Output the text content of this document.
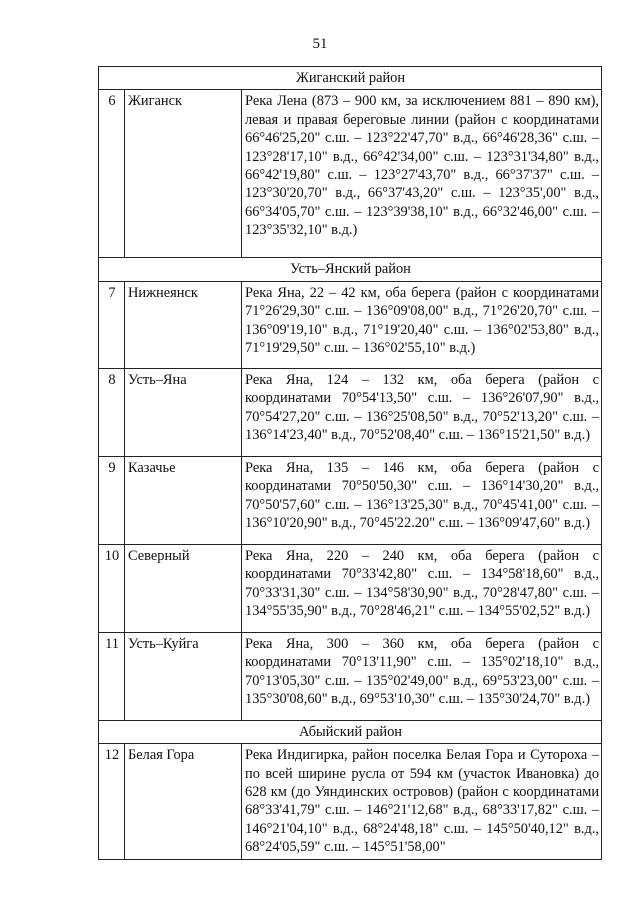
51
Жиганский район		
6	Жиганск	Река Лена (873 – 900 км, за исключением 881 – 890 км), левая и правая береговые линии (район с координатами 66°46'25,20" с.ш. – 123°22'47,70" в.д., 66°46'28,36" с.ш. – 123°28'17,10" в.д., 66°42'34,00" с.ш. – 123°31'34,80" в.д., 66°42'19,80" с.ш. – 123°27'43,70" в.д., 66°37'37" с.ш. – 123°30'20,70" в.д., 66°37'43,20" с.ш. – 123°35',00" в.д., 66°34'05,70" с.ш. – 123°39'38,10" в.д., 66°32'46,00" с.ш. – 123°35'32,10" в.д.)
Усть–Янский район		
7	Нижнеянск	Река Яна, 22 – 42 км, оба берега (район с координатами 71°26'29,30" с.ш. – 136°09'08,00" в.д., 71°26'20,70" с.ш. – 136°09'19,10" в.д., 71°19'20,40" с.ш. – 136°02'53,80" в.д., 71°19'29,50" с.ш. – 136°02'55,10" в.д.)
8	Усть–Яна	Река Яна, 124 – 132 км, оба берега (район с координатами 70°54'13,50" с.ш. – 136°26'07,90" в.д., 70°54'27,20" с.ш. – 136°25'08,50" в.д., 70°52'13,20" с.ш. – 136°14'23,40" в.д., 70°52'08,40" с.ш. – 136°15'21,50" в.д.)
9	Казачье	Река Яна, 135 – 146 км, оба берега (район с координатами 70°50'50,30" с.ш. – 136°14'30,20" в.д., 70°50'57,60" с.ш. – 136°13'25,30" в.д., 70°45'41,00" с.ш. – 136°10'20,90" в.д., 70°45'22.20" с.ш. – 136°09'47,60" в.д.)
10	Северный	Река Яна, 220 – 240 км, оба берега (район с координатами 70°33'42,80" с.ш. – 134°58'18,60" в.д., 70°33'31,30" с.ш. – 134°58'30,90" в.д., 70°28'47,80" с.ш. – 134°55'35,90" в.д., 70°28'46,21" с.ш. – 134°55'02,52" в.д.)
11	Усть–Куйга	Река Яна, 300 – 360 км, оба берега (район с координатами 70°13'11,90" с.ш. – 135°02'18,10" в.д., 70°13'05,30" с.ш. – 135°02'49,00" в.д., 69°53'23,00" с.ш. – 135°30'08,60" в.д., 69°53'10,30" с.ш. – 135°30'24,70" в.д.)
Абыйский район		
12	Белая Гора	Река Индигирка, район поселка Белая Гора и Сутороха – по всей ширине русла от 594 км (участок Ивановка) до 628 км (до Уяндинских островов) (район с координатами 68°33'41,79" с.ш. – 146°21'12,68" в.д., 68°33'17,82" с.ш. – 146°21'04,10" в.д., 68°24'48,18" с.ш. – 145°50'40,12" в.д., 68°24'05,59" с.ш. – 145°51'58,00"
